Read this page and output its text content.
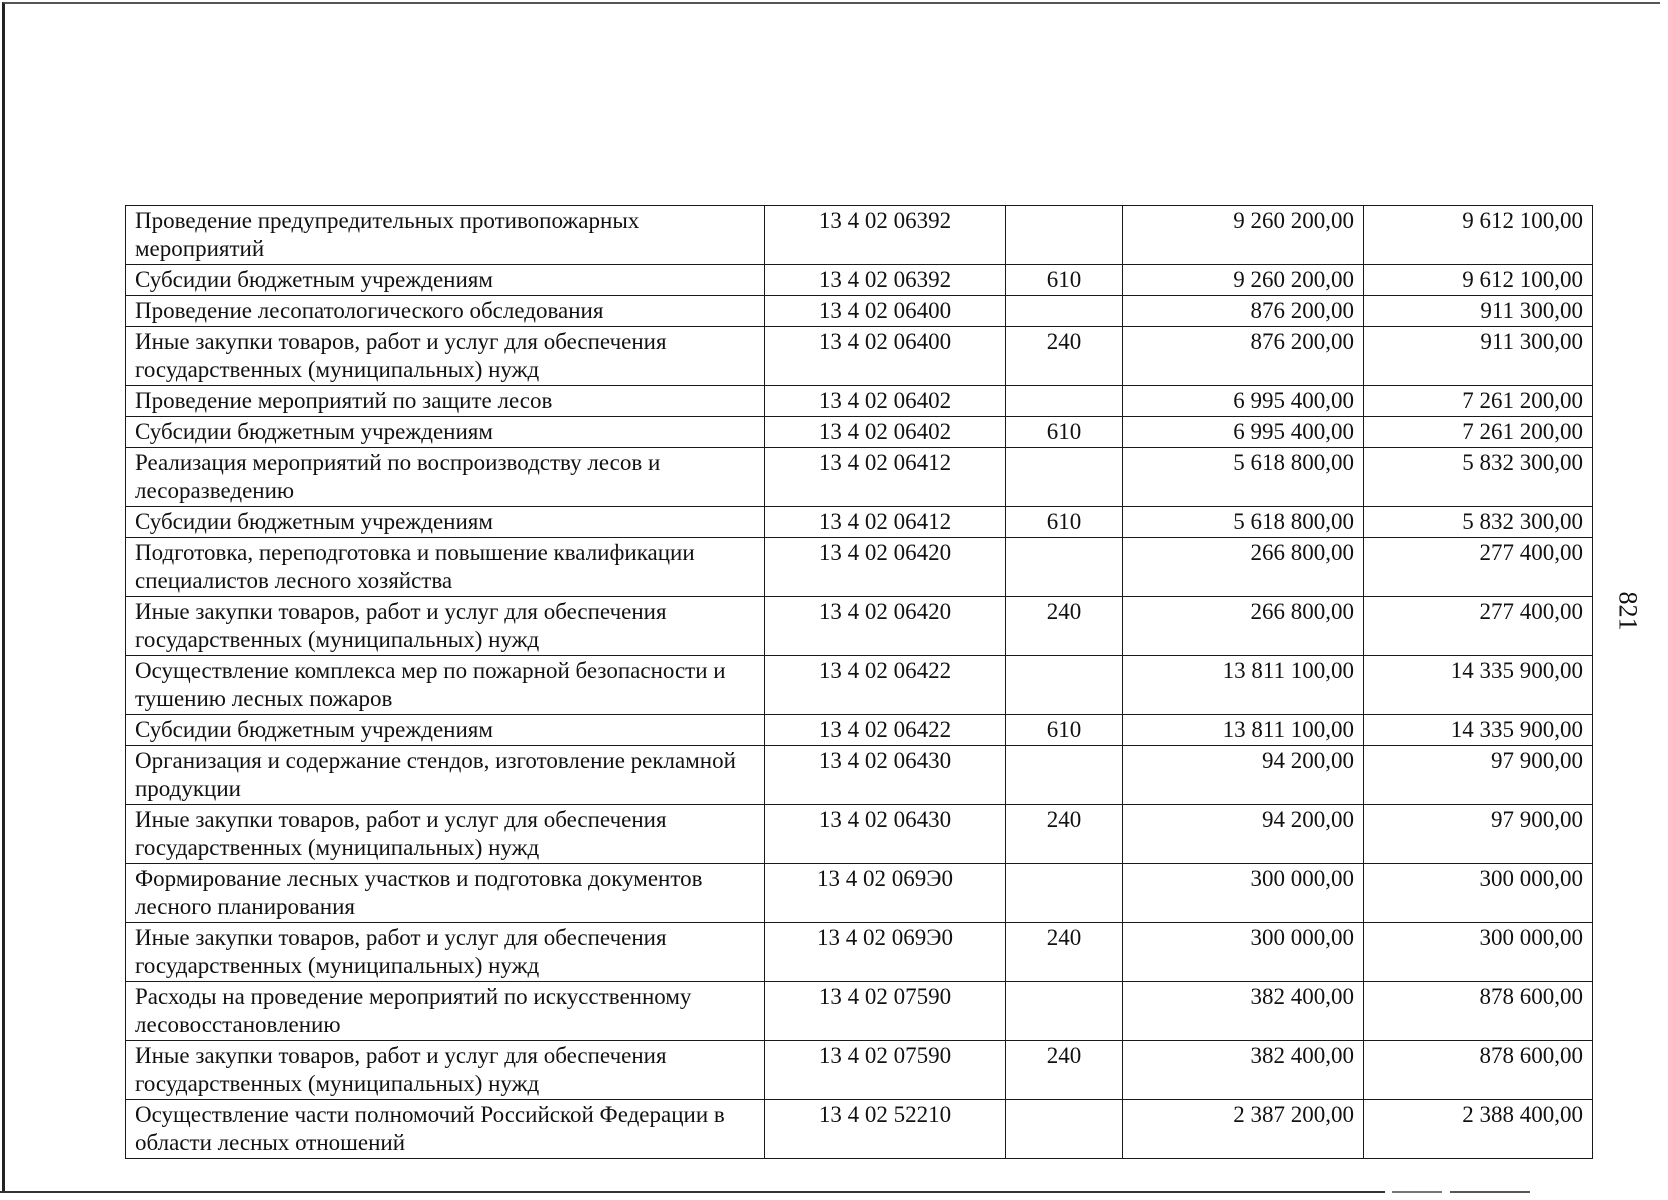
Проведение предупредительных противопожарных мероприятий	13 4 02 06392		9 260 200,00	9 612 100,00
Субсидии бюджетным учреждениям	13 4 02 06392	610	9 260 200,00	9 612 100,00
Проведение лесопатологического обследования	13 4 02 06400		876 200,00	911 300,00
Иные закупки товаров, работ и услуг для обеспечения государственных (муниципальных) нужд	13 4 02 06400	240	876 200,00	911 300,00
Проведение мероприятий по защите лесов	13 4 02 06402		6 995 400,00	7 261 200,00
Субсидии бюджетным учреждениям	13 4 02 06402	610	6 995 400,00	7 261 200,00
Реализация мероприятий по воспроизводству лесов и лесоразведению	13 4 02 06412		5 618 800,00	5 832 300,00
Субсидии бюджетным учреждениям	13 4 02 06412	610	5 618 800,00	5 832 300,00
Подготовка, переподготовка и повышение квалификации специалистов лесного хозяйства	13 4 02 06420		266 800,00	277 400,00
Иные закупки товаров, работ и услуг для обеспечения государственных (муниципальных) нужд	13 4 02 06420	240	266 800,00	277 400,00
Осуществление комплекса мер по пожарной безопасности и тушению лесных пожаров	13 4 02 06422		13 811 100,00	14 335 900,00
Субсидии бюджетным учреждениям	13 4 02 06422	610	13 811 100,00	14 335 900,00
Организация и содержание стендов, изготовление рекламной продукции	13 4 02 06430		94 200,00	97 900,00
Иные закупки товаров, работ и услуг для обеспечения государственных (муниципальных) нужд	13 4 02 06430	240	94 200,00	97 900,00
Формирование лесных участков и подготовка документов лесного планирования	13 4 02 069Э0		300 000,00	300 000,00
Иные закупки товаров, работ и услуг для обеспечения государственных (муниципальных) нужд	13 4 02 069Э0	240	300 000,00	300 000,00
Расходы на проведение мероприятий по искусственному лесовосстановлению	13 4 02 07590		382 400,00	878 600,00
Иные закупки товаров, работ и услуг для обеспечения государственных (муниципальных) нужд	13 4 02 07590	240	382 400,00	878 600,00
Осуществление части полномочий Российской Федерации в области лесных отношений	13 4 02 52210		2 387 200,00	2 388 400,00
821
